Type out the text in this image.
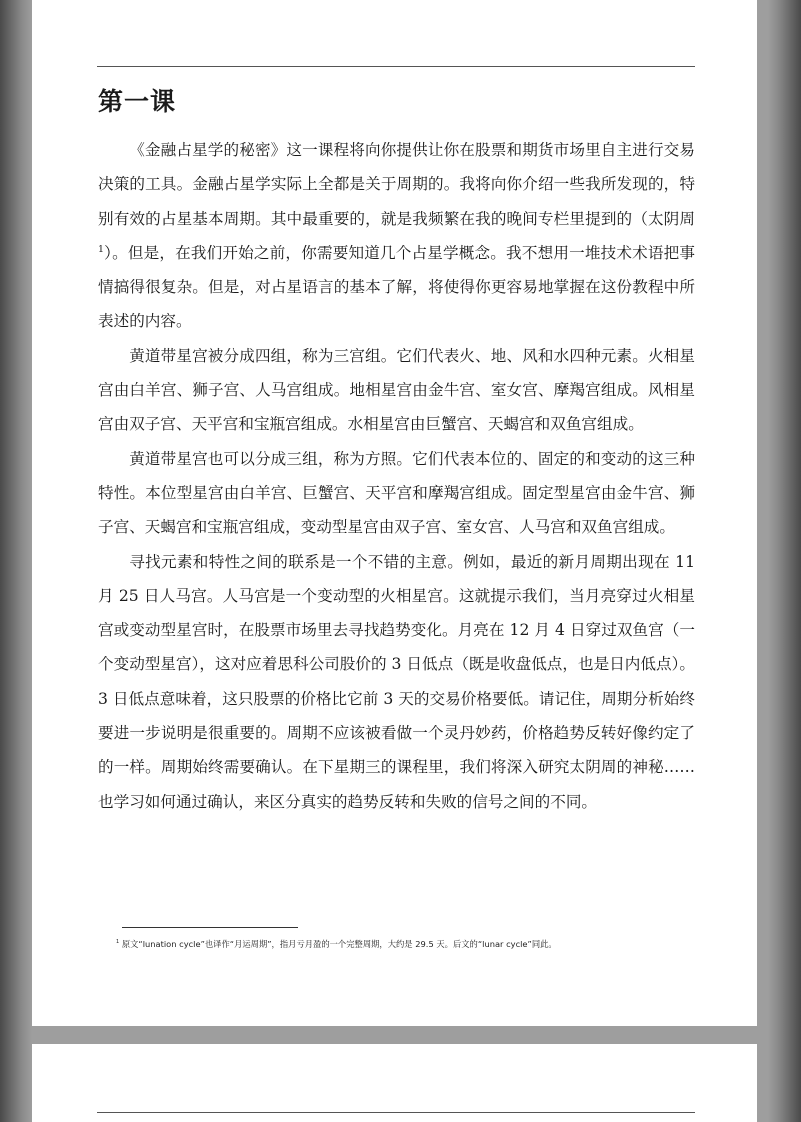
第一课

《金融占星学的秘密》这一课程将向你提供让你在股票和期货市场里自主进行交易决策的工具。金融占星学实际上全都是关于周期的。我将向你介绍一些我所发现的，特别有效的占星基本周期。其中最重要的，就是我频繁在我的晚间专栏里提到的（太阴周$^1$）。但是，在我们开始之前，你需要知道几个占星学概念。我不想用一堆技术术语把事情搞得很复杂。但是，对占星语言的基本了解，将使得你更容易地掌握在这份教程中所表述的内容。

黄道带星宫被分成四组，称为三宫组。它们代表火、地、风和水四种元素。火相星宫由白羊宫、狮子宫、人马宫组成。地相星宫由金牛宫、室女宫、摩羯宫组成。风相星宫由双子宫、天平宫和宝瓶宫组成。水相星宫由巨蟹宫、天蝎宫和双鱼宫组成。

黄道带星宫也可以分成三组，称为方照。它们代表本位的、固定的和变动的这三种特性。本位型星宫由白羊宫、巨蟹宫、天平宫和摩羯宫组成。固定型星宫由金牛宫、狮子宫、天蝎宫和宝瓶宫组成，变动型星宫由双子宫、室女宫、人马宫和双鱼宫组成。

寻找元素和特性之间的联系是一个不错的主意。例如，最近的新月周期出现在 11 月 25 日人马宫。人马宫是一个变动型的火相星宫。这就提示我们，当月亮穿过火相星宫或变动型星宫时，在股票市场里去寻找趋势变化。月亮在 12 月 4 日穿过双鱼宫（一个变动型星宫），这对应着思科公司股价的 3 日低点（既是收盘低点，也是日内低点）。3 日低点意味着，这只股票的价格比它前 3 天的交易价格要低。请记住，周期分析始终要进一步说明是很重要的。周期不应该被看做一个灵丹妙药，价格趋势反转好像约定了的一样。周期始终需要确认。在下星期三的课程里，我们将深入研究太阴周的神秘……也学习如何通过确认，来区分真实的趋势反转和失败的信号之间的不同。

$^1$ 原文“lunation cycle”也译作“月运周期”，指月亏月盈的一个完整周期，大约是 29.5 天。后文的“lunar cycle”同此。
